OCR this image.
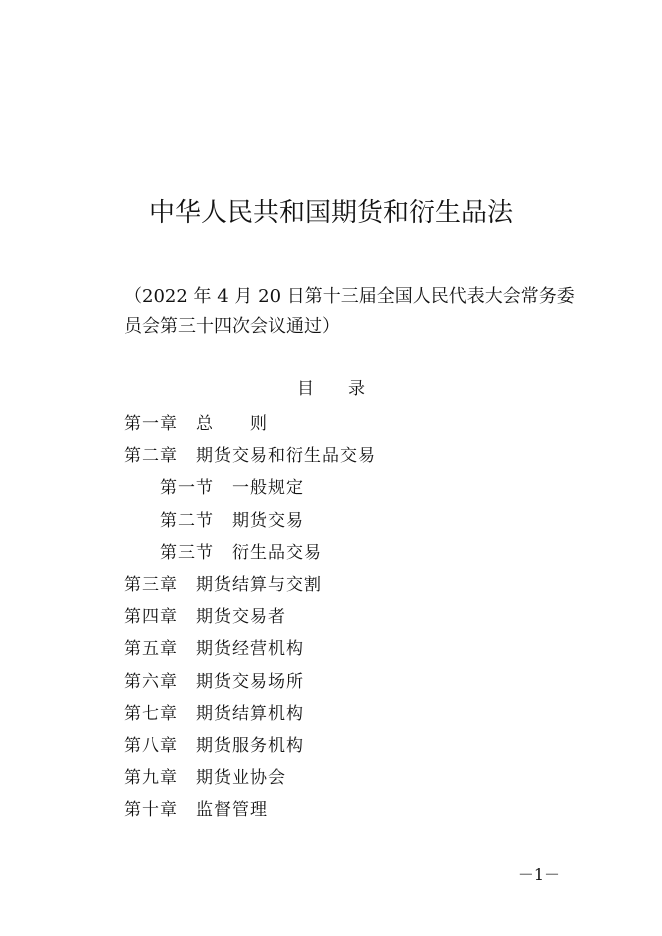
中华人民共和国期货和衍生品法
（2022 年 4 月 20 日第十三届全国人民代表大会常务委
员会第三十四次会议通过）
目 录
第一章 总　　则
第二章 期货交易和衍生品交易
第一节 一般规定
第二节 期货交易
第三节 衍生品交易
第三章 期货结算与交割
第四章 期货交易者
第五章 期货经营机构
第六章 期货交易场所
第七章 期货结算机构
第八章 期货服务机构
第九章 期货业协会
第十章 监督管理
－1－
